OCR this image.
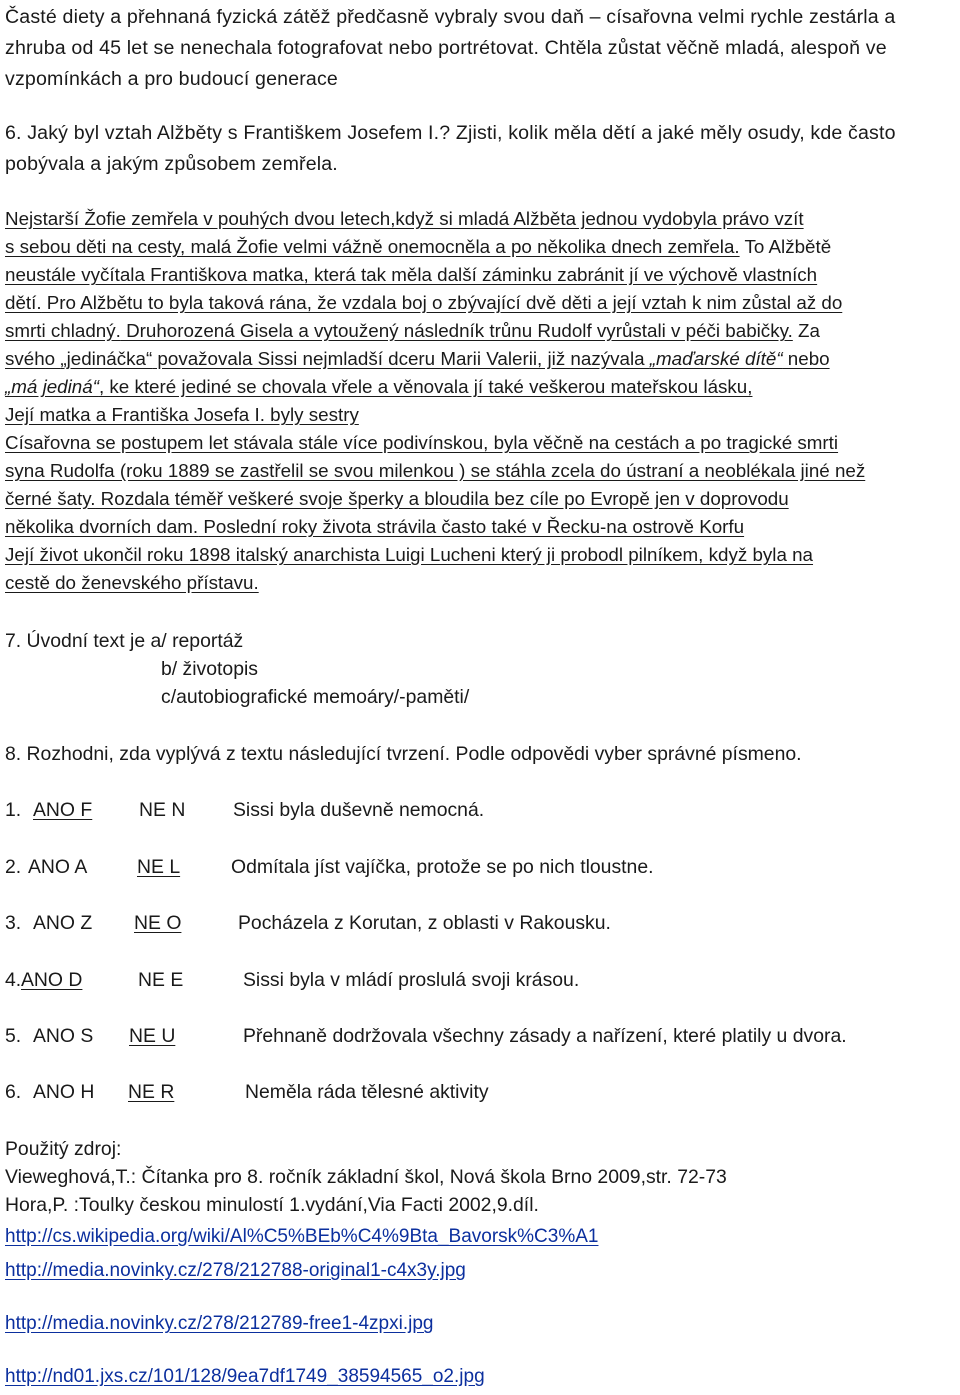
Časté diety a přehnaná fyzická zátěž předčasně vybraly svou daň – císařovna velmi rychle zestárla a
zhruba od 45 let se nenechala fotografovat nebo portrétovat. Chtěla zůstat věčně mladá, alespoň ve
vzpomínkách a pro budoucí generace
6. Jaký byl vztah Alžběty s Františkem Josefem I.? Zjisti, kolik měla dětí a jaké měly osudy, kde často
pobývala a jakým způsobem zemřela.
Nejstarší Žofie zemřela v pouhých dvou letech,když si mladá Alžběta jednou vydobyla právo vzít
s sebou děti na cesty, malá Žofie velmi vážně onemocněla a po několika dnech zemřela. To Alžbětě
neustále vyčítala Františkova matka, která tak měla další záminku zabránit jí ve výchově vlastních
dětí. Pro Alžbětu to byla taková rána, že vzdala boj o zbývající dvě děti a její vztah k nim zůstal až do
smrti chladný. Druhorozená Gisela a vytoužený následník trůnu Rudolf vyrůstali v péči babičky. Za
svého „jedináčka“ považovala Sissi nejmladší dceru Marii Valerii, již nazývala „maďarské dítě“ nebo
„má jediná“, ke které jediné se chovala vřele a věnovala jí také veškerou mateřskou lásku,
Její matka a Františka Josefa I. byly sestry
Císařovna se postupem let stávala stále více podivínskou, byla věčně na cestách a po tragické smrti
syna Rudolfa (roku 1889 se zastřelil se svou milenkou ) se stáhla zcela do ústraní a neoblékala jiné než
černé šaty. Rozdala téměř veškeré svoje šperky a bloudila bez cíle po Evropě jen v doprovodu
několika dvorních dam. Poslední roky života strávila často také v Řecku-na ostrově Korfu
Její život ukončil roku 1898 italský anarchista Luigi Lucheni který ji probodl pilníkem, když byla na
cestě do ženevského přístavu.
7. Úvodní text je a/ reportáž
b/ životopis
c/autobiografické memoáry/-paměti/
8. Rozhodni, zda vyplývá z textu následující tvrzení. Podle odpovědi vyber správné písmeno.
1. ANO F NE N Sissi byla duševně nemocná.
2. ANO A	NE L	Odmítala jíst vajíčka, protože se po nich tloustne.
3. ANO Z NE O	Pocházela z Korutan, z oblasti v Rakousku.
4. ANO D	NE E	Sissi byla v mládí proslulá svoji krásou.
5. ANO S NE U	Přehnaně dodržovala všechny zásady a nařízení, které platily u dvora.
6. ANO H NE R	Neměla ráda tělesné aktivity
Použitý zdroj:
Vieweghová,T.: Čítanka pro 8. ročník základní škol, Nová škola Brno 2009,str. 72-73
Hora,P. :Toulky českou minulostí 1.vydání,Via Facti 2002,9.díl.
http://cs.wikipedia.org/wiki/Al%C5%BEb%C4%9Bta_Bavorsk%C3%A1
http://media.novinky.cz/278/212788-original1-c4x3y.jpg
http://media.novinky.cz/278/212789-free1-4zpxi.jpg
http://nd01.jxs.cz/101/128/9ea7df1749_38594565_o2.jpg
